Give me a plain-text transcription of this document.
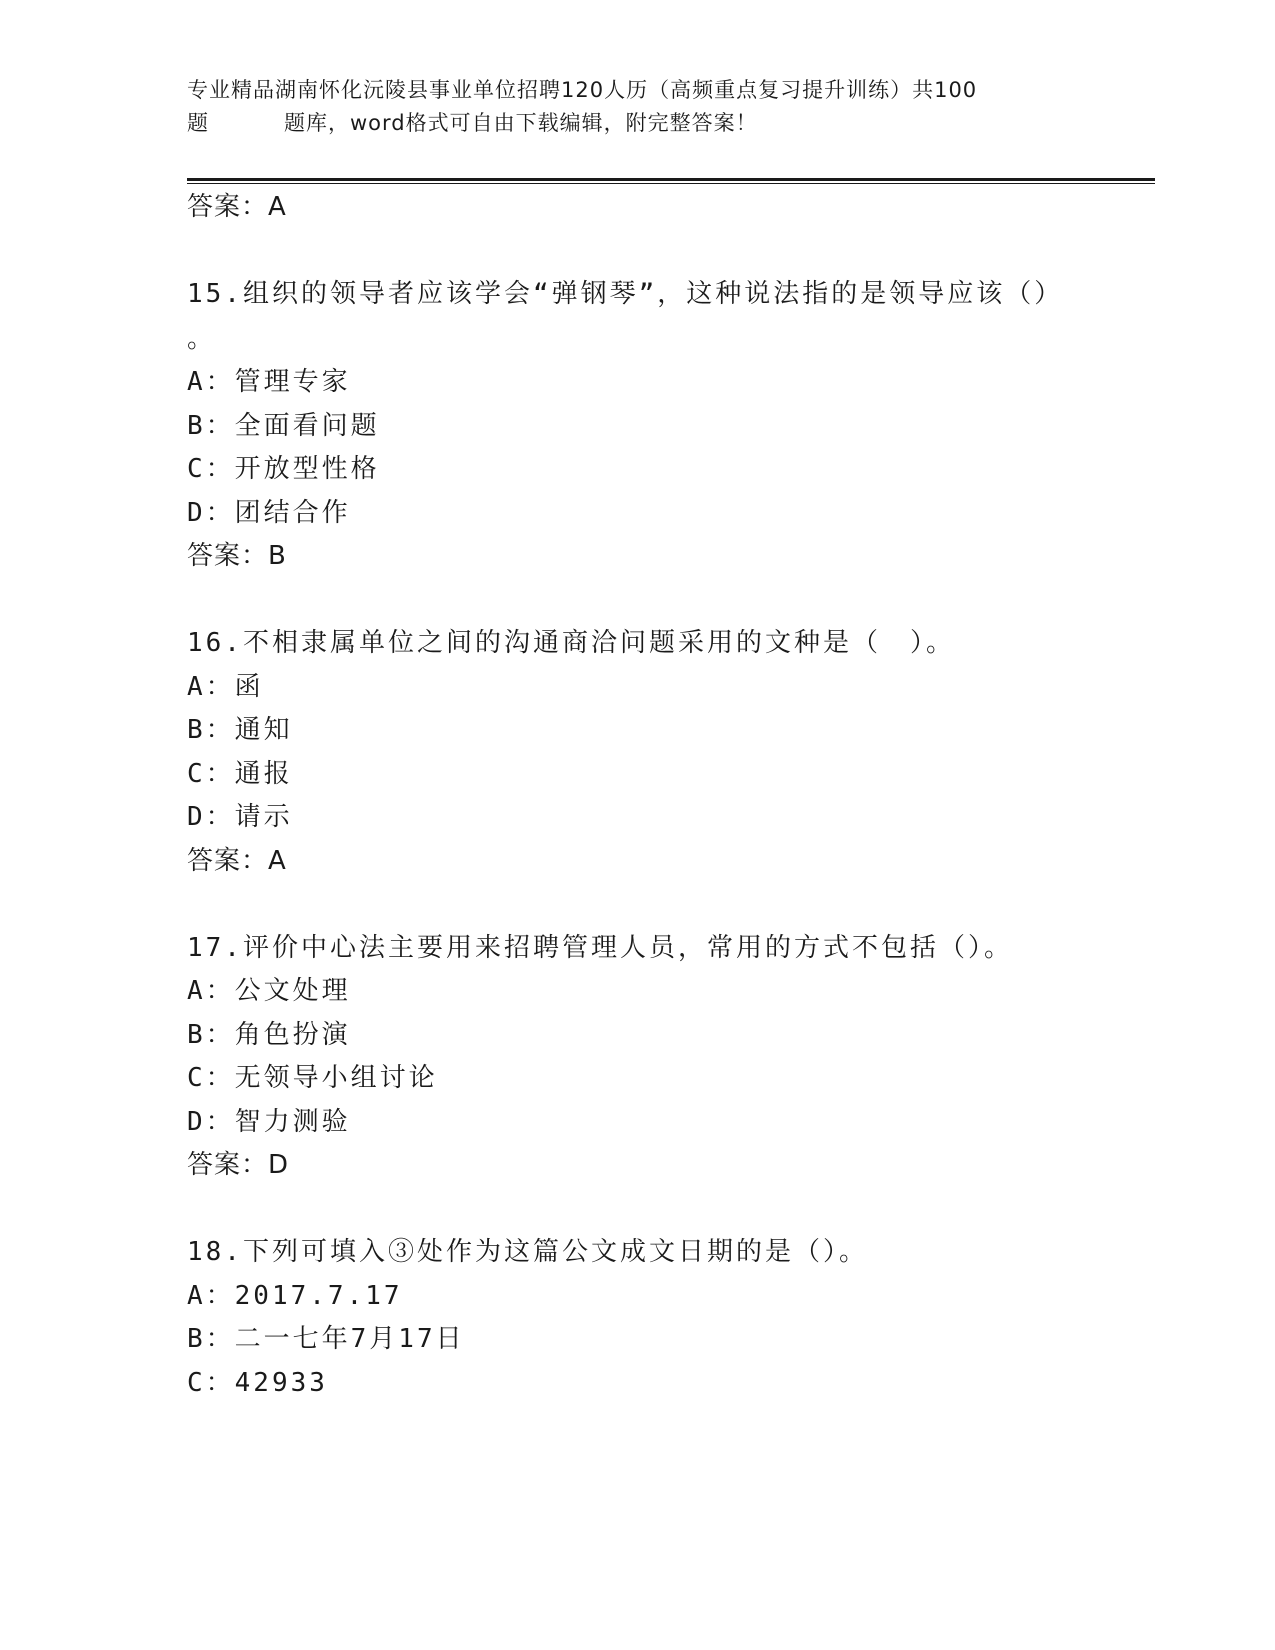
专业精品湖南怀化沅陵县事业单位招聘120人历（高频重点复习提升训练）共100
题	题库，word格式可自由下载编辑，附完整答案！
答案：A
15.组织的领导者应该学会“弹钢琴”，这种说法指的是领导应该（）
。
A：管理专家
B：全面看问题
C：开放型性格
D：团结合作
答案：B
16.不相隶属单位之间的沟通商洽问题采用的文种是（　）。
A：函
B：通知
C：通报
D：请示
答案：A
17.评价中心法主要用来招聘管理人员，常用的方式不包括（）。
A：公文处理
B：角色扮演
C：无领导小组讨论
D：智力测验
答案：D
18.下列可填入③处作为这篇公文成文日期的是（）。
A：2017.7.17
B：二一七年7月17日
C：42933
